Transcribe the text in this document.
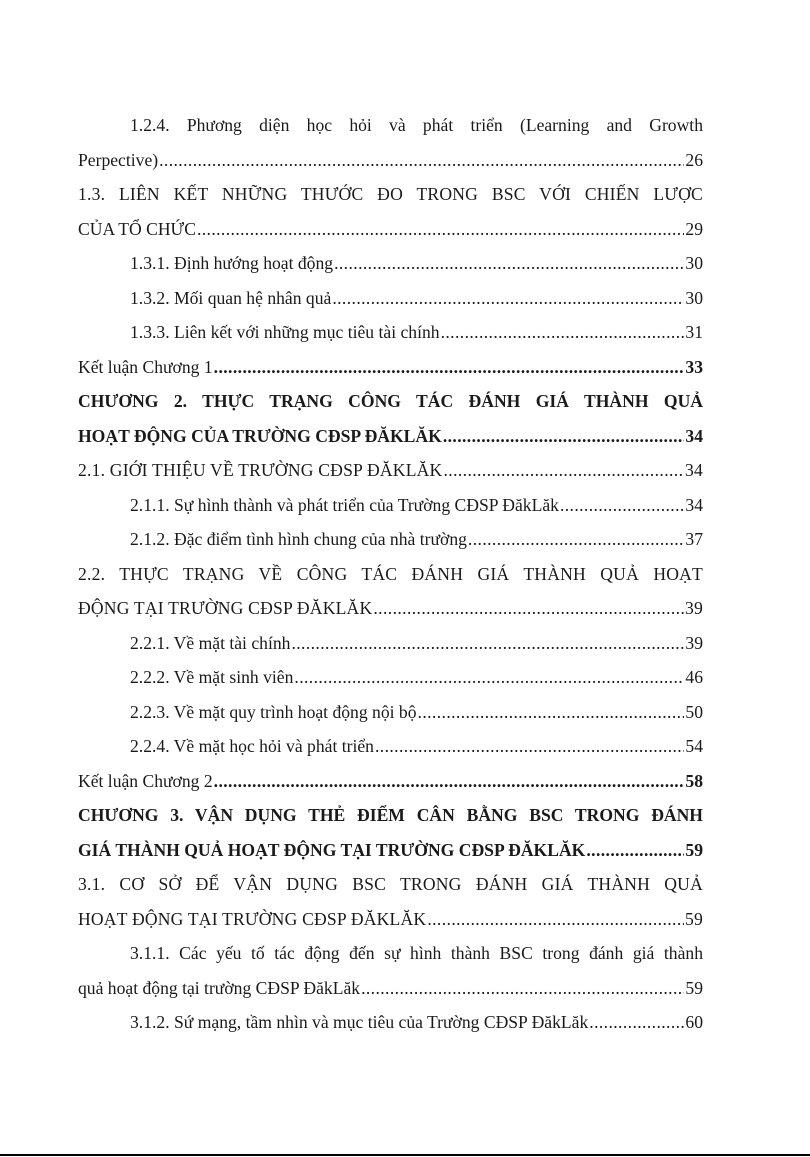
1.2.4. Phương diện học hỏi và phát triển (Learning and Growth
Perpective) .....	26
1.3. LIÊN KẾT NHỮNG THƯỚC ĐO TRONG BSC VỚI CHIẾN LƯỢC
CỦA TỔ CHỨC .....	29
1.3.1. Định hướng hoạt động .....	30
1.3.2. Mối quan hệ nhân quả .....	30
1.3.3. Liên kết với những mục tiêu tài chính .....	31
Kết luận Chương 1 .....	33
CHƯƠNG 2. THỰC TRẠNG CÔNG TÁC ĐÁNH GIÁ THÀNH QUẢ
HOẠT ĐỘNG CỦA TRƯỜNG CĐSP ĐĂKLĂK .....	34
2.1. GIỚI THIỆU VỀ TRƯỜNG CĐSP ĐĂKLĂK .....	34
2.1.1. Sự hình thành và phát triển của Trường CĐSP ĐăkLăk .....	34
2.1.2. Đặc điểm tình hình chung của nhà trường .....	37
2.2. THỰC TRẠNG VỀ CÔNG TÁC ĐÁNH GIÁ THÀNH QUẢ HOẠT
ĐỘNG TẠI TRƯỜNG CĐSP ĐĂKLĂK .....	39
2.2.1. Về mặt tài chính .....	39
2.2.2. Về mặt sinh viên .....	46
2.2.3. Về mặt quy trình hoạt động nội bộ .....	50
2.2.4. Về mặt học hỏi và phát triển .....	54
Kết luận Chương 2 .....	58
CHƯƠNG 3. VẬN DỤNG THẺ ĐIỂM CÂN BẰNG BSC TRONG ĐÁNH
GIÁ THÀNH QUẢ HOẠT ĐỘNG TẠI TRƯỜNG CĐSP ĐĂKLĂK .....	59
3.1. CƠ SỞ ĐỂ VẬN DỤNG BSC TRONG ĐÁNH GIÁ THÀNH QUẢ
HOẠT ĐỘNG TẠI TRƯỜNG CĐSP ĐĂKLĂK .....	59
3.1.1. Các yếu tố tác động đến sự hình thành BSC trong đánh giá thành
quả hoạt động tại trường CĐSP ĐăkLăk .....	59
3.1.2. Sứ mạng, tầm nhìn và mục tiêu của Trường CĐSP ĐăkLăk .....	60
